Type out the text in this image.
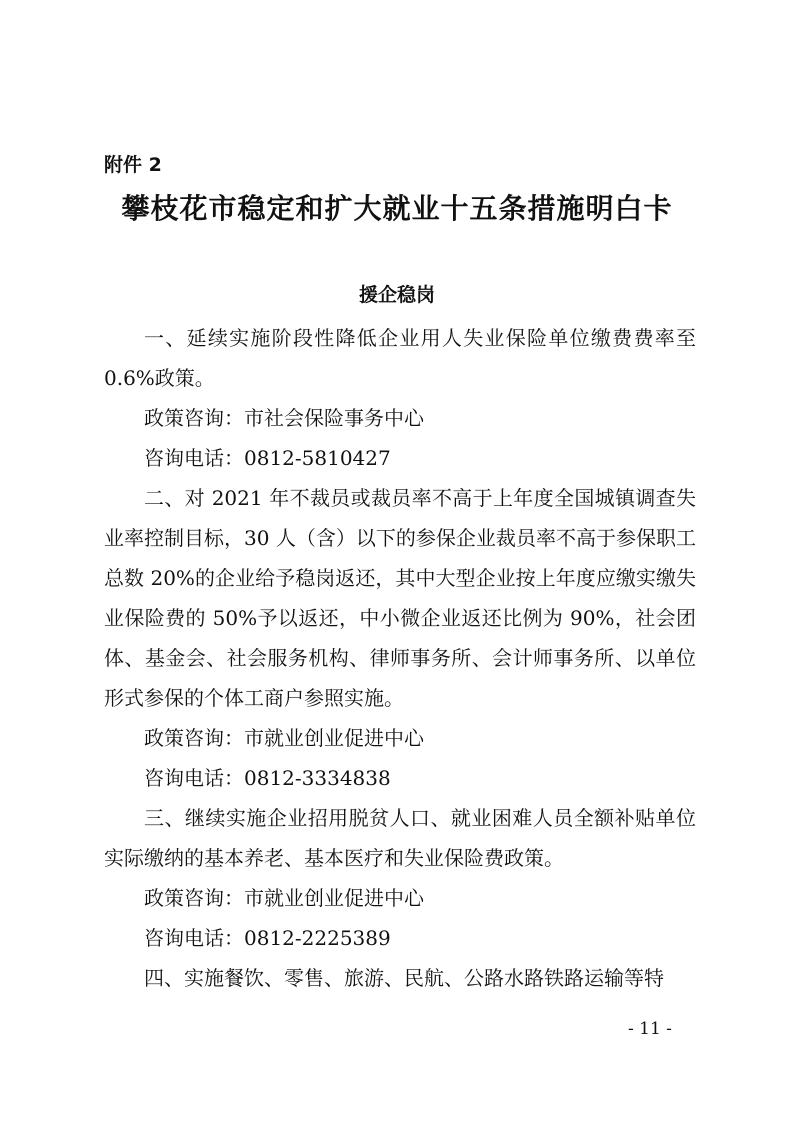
附件 2
攀枝花市稳定和扩大就业十五条措施明白卡
援企稳岗

一、延续实施阶段性降低企业用人失业保险单位缴费费率至0.6%政策。

政策咨询：市社会保险事务中心

咨询电话：0812-5810427

二、对 2021 年不裁员或裁员率不高于上年度全国城镇调查失业率控制目标，30 人（含）以下的参保企业裁员率不高于参保职工总数 20%的企业给予稳岗返还，其中大型企业按上年度应缴实缴失业保险费的 50%予以返还，中小微企业返还比例为 90%，社会团体、基金会、社会服务机构、律师事务所、会计师事务所、以单位形式参保的个体工商户参照实施。

政策咨询：市就业创业促进中心

咨询电话：0812-3334838

三、继续实施企业招用脱贫人口、就业困难人员全额补贴单位实际缴纳的基本养老、基本医疗和失业保险费政策。

政策咨询：市就业创业促进中心

咨询电话：0812-2225389

四、实施餐饮、零售、旅游、民航、公路水路铁路运输等特

- 11 -
